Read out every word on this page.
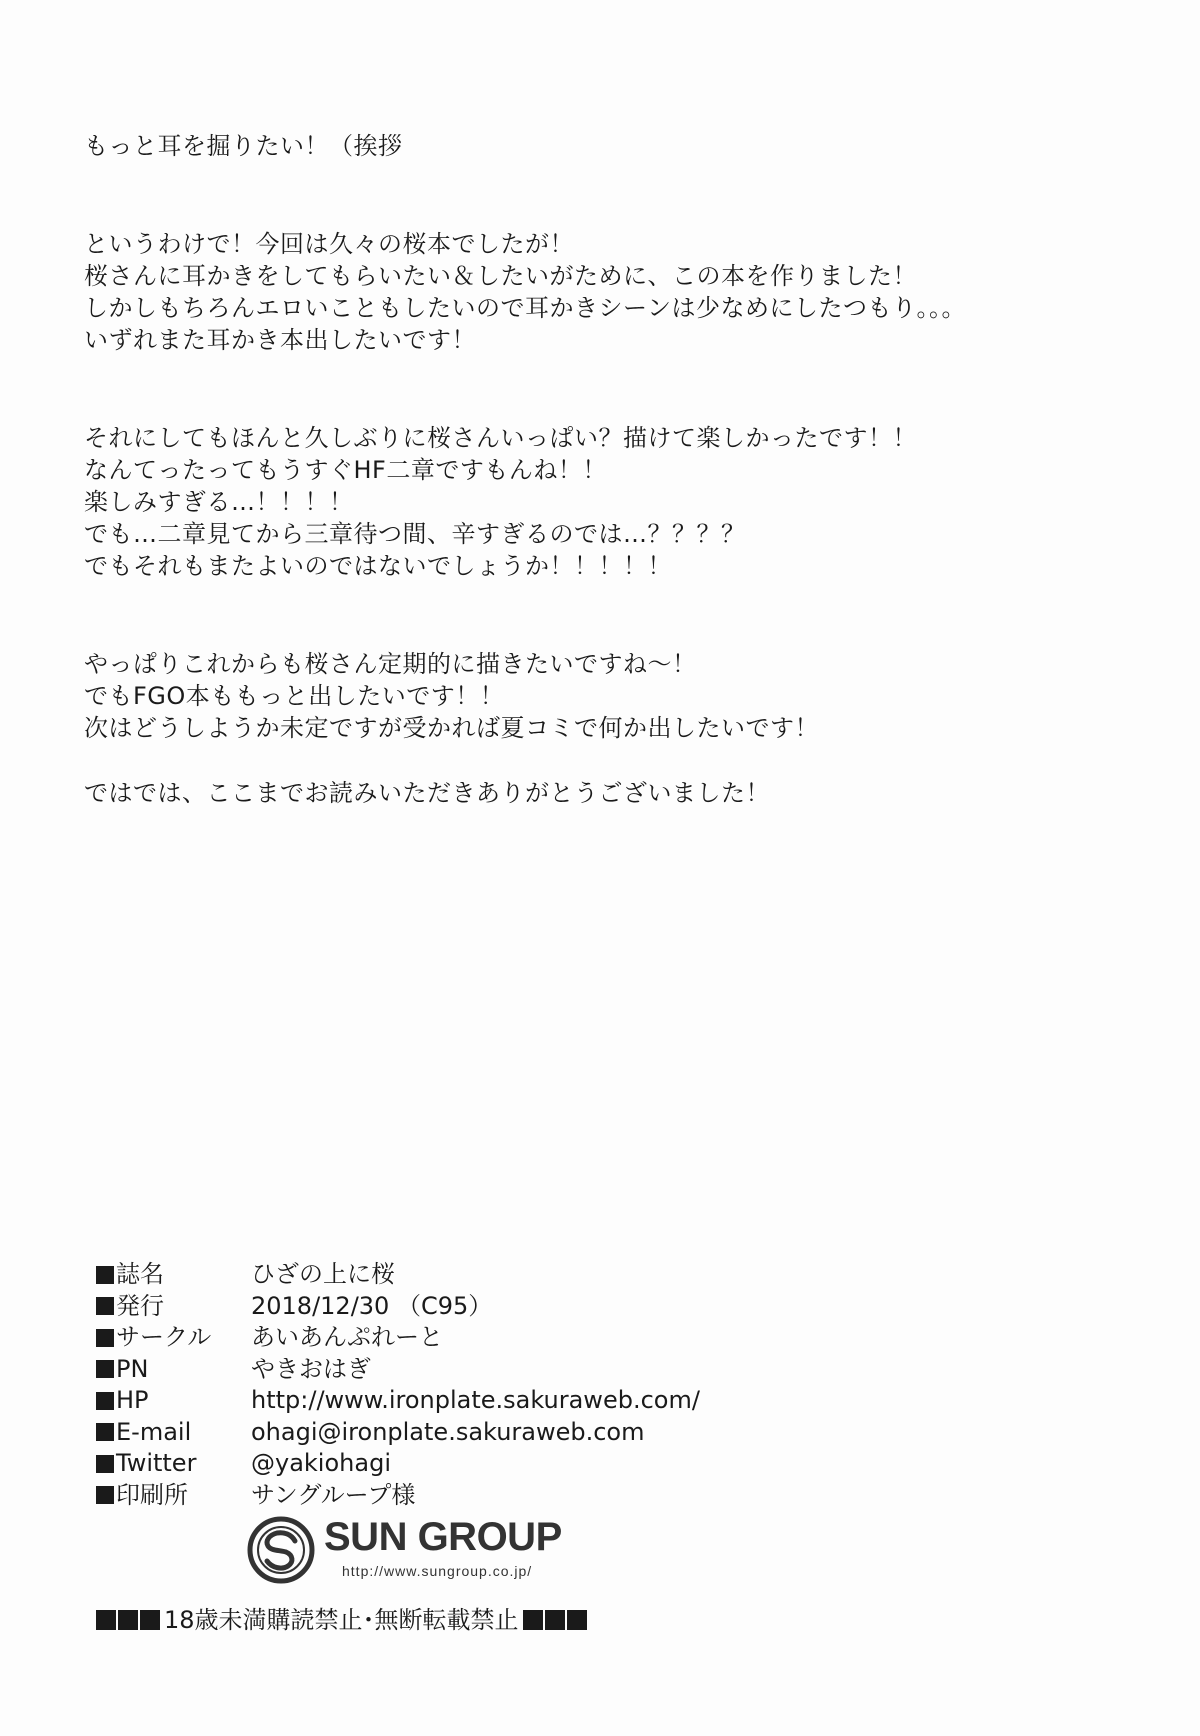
もっと耳を掘りたい！（挨拶

というわけで！今回は久々の桜本でしたが！

桜さんに耳かきをしてもらいたい＆したいがために、この本を作りました！

しかしもちろんエロいこともしたいので耳かきシーンは少なめにしたつもり。。。

いずれまた耳かき本出したいです！

それにしてもほんと久しぶりに桜さんいっぱい？描けて楽しかったです！！

なんてったってもうすぐHF二章ですもんね！！

楽しみすぎる…！！！！

でも…二章見てから三章待つ間、辛すぎるのでは…？？？？

でもそれもまたよいのではないでしょうか！！！！！

やっぱりこれからも桜さん定期的に描きたいですね～！

でもFGO本ももっと出したいです！！

次はどうしようか未定ですが受かれば夏コミで何か出したいです！

ではでは、ここまでお読みいただきありがとうございました！

誌名	ひざの上に桜
発行	2018/12/30 （C95）
サークル あいあんぷれーと
PN	やきおはぎ
HP	http://www.ironplate.sakuraweb.com/
E-mail ohagi@ironplate.sakuraweb.com
Twitter @yakiohagi
印刷所	サングループ様
SUN GROUP
http://www.sungroup.co.jp/
18歳未満購読禁止･無断転載禁止
